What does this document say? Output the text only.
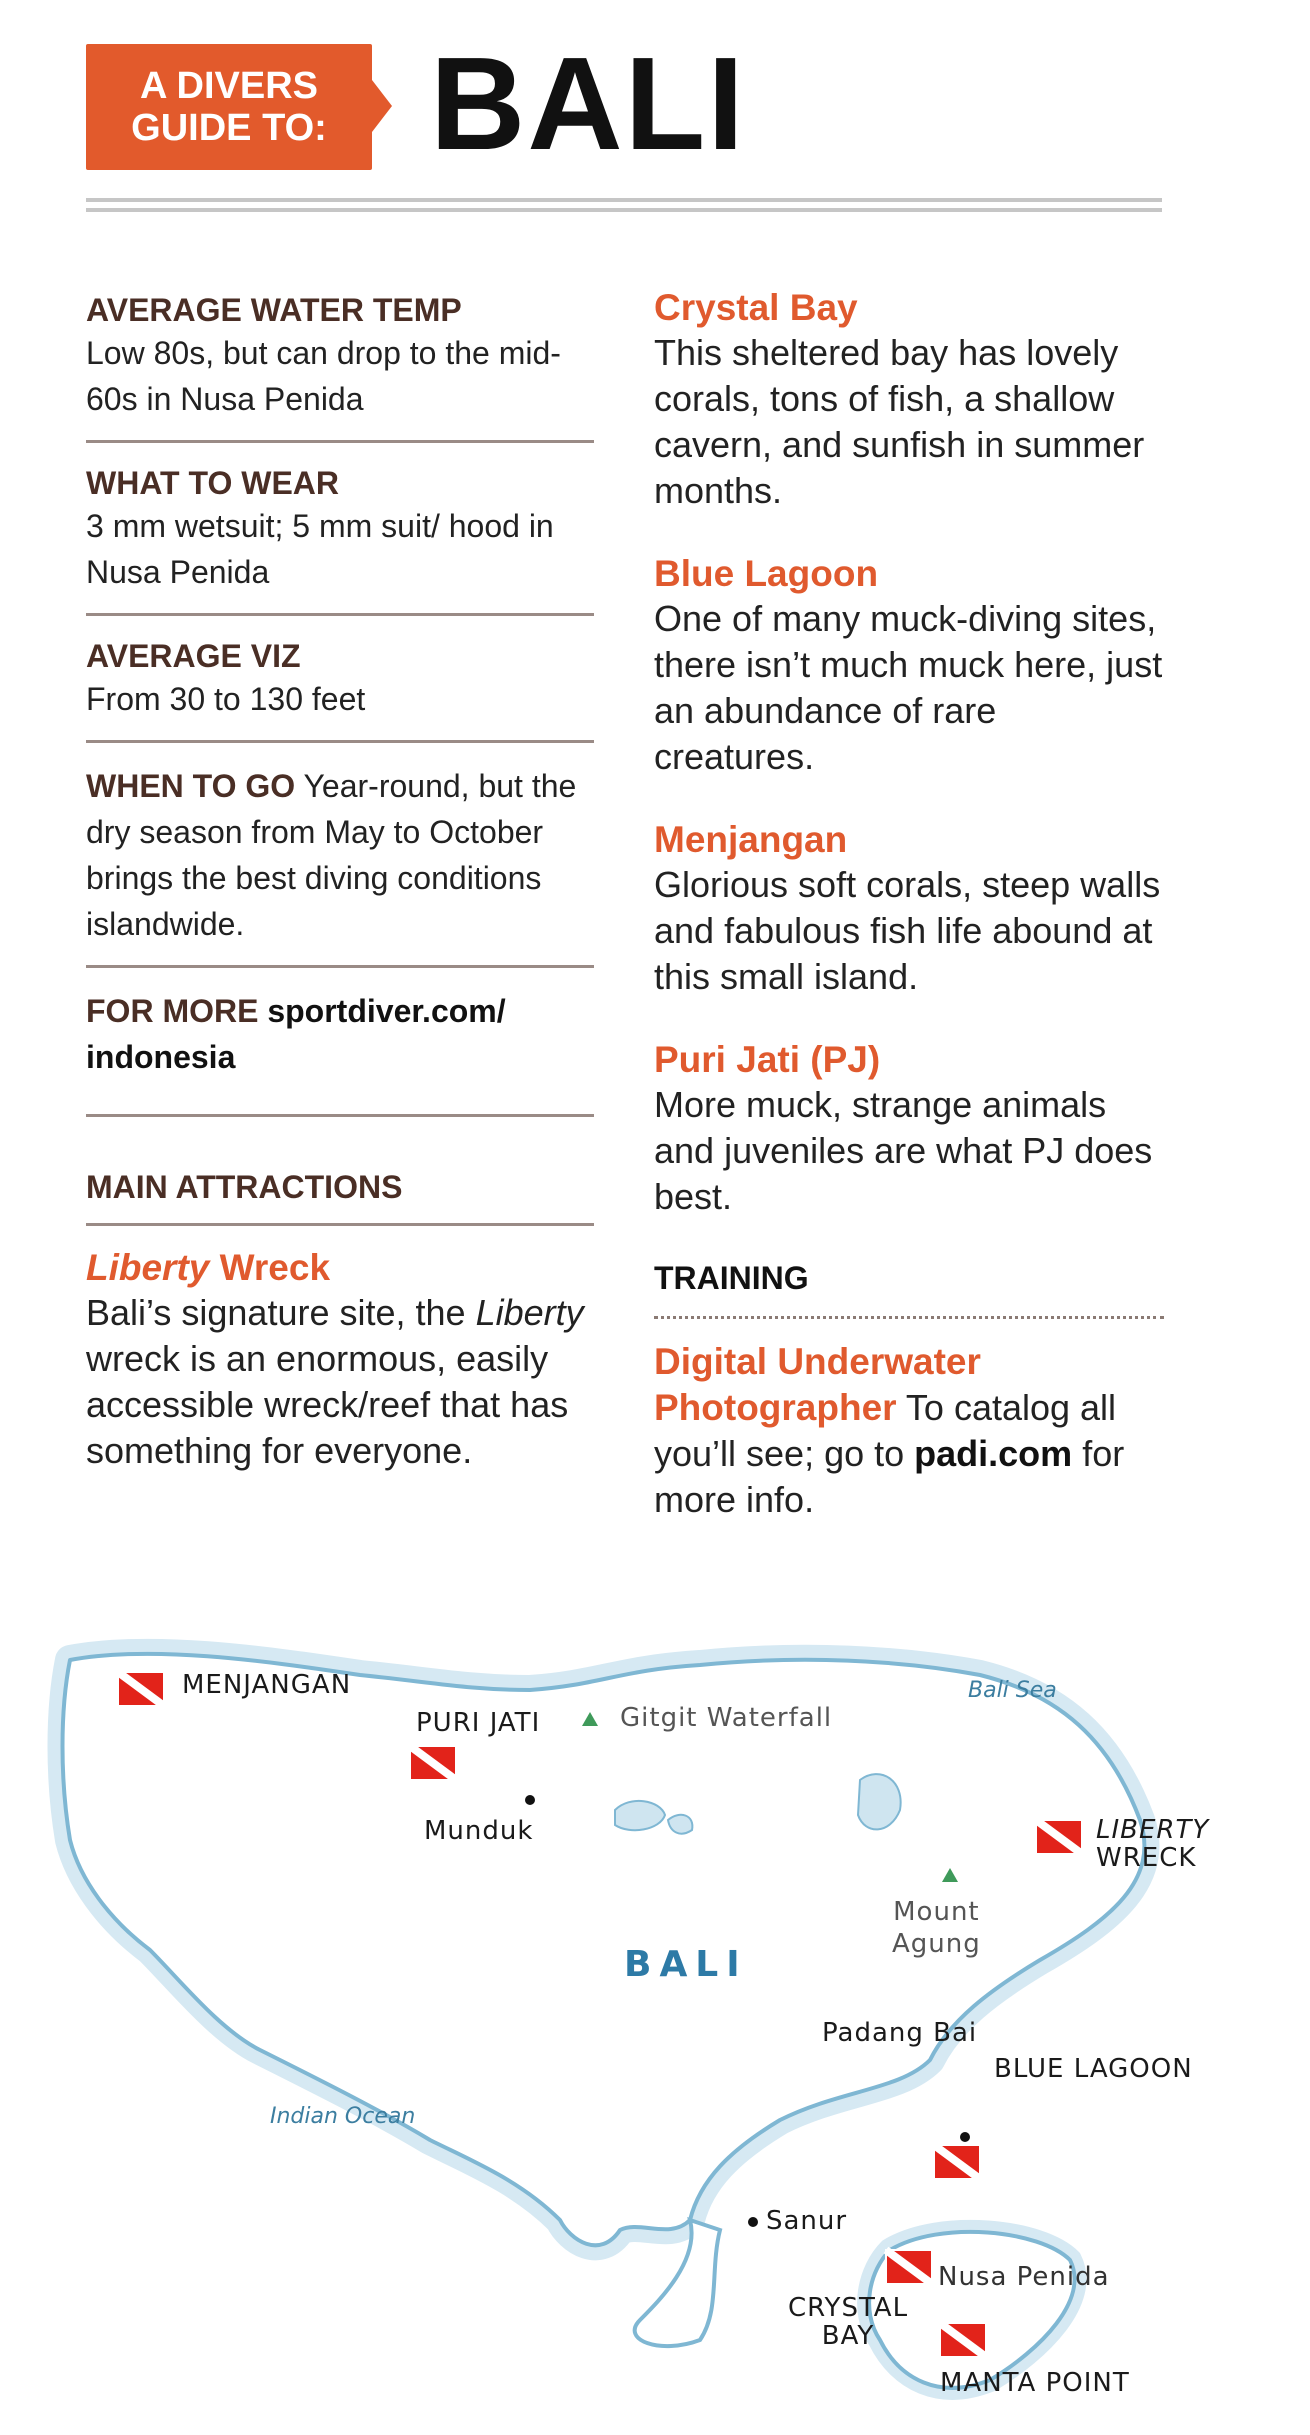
A DIVERS
GUIDE TO: BALI
AVERAGE WATER TEMP
Low 80s, but can drop to the mid-60s in Nusa Penida
WHAT TO WEAR
3 mm wetsuit; 5 mm suit/ hood in Nusa Penida
AVERAGE VIZ
From 30 to 130 feet
WHEN TO GO Year-round, but the dry season from May to October brings the best diving conditions islandwide.
FOR MORE sportdiver.com/ indonesia
MAIN ATTRACTIONS
Liberty Wreck
Bali’s signature site, the Liberty wreck is an enormous, easily accessible wreck/reef that has something for everyone.
Crystal Bay
This sheltered bay has lovely corals, tons of fish, a shallow cavern, and sunfish in summer months.
Blue Lagoon
One of many muck-diving sites, there isn’t much muck here, just an abundance of rare creatures.
Menjangan
Glorious soft corals, steep walls and fabulous fish life abound at this small island.
Puri Jati (PJ)
More muck, strange animals and juveniles are what PJ does best.
TRAINING
Digital Underwater Photographer To catalog all you’ll see; go to padi.com for more info.
MENJANGAN
PURI JATI
Bali Sea
Gitgit Waterfall
Munduk	LIBERTY
WRECK
Mount
Agung
BALI
Padang Bai
BLUE LAGOON
Indian Ocean
Sanur
Nusa Penida
CRYSTAL
BAY
MANTA POINT
